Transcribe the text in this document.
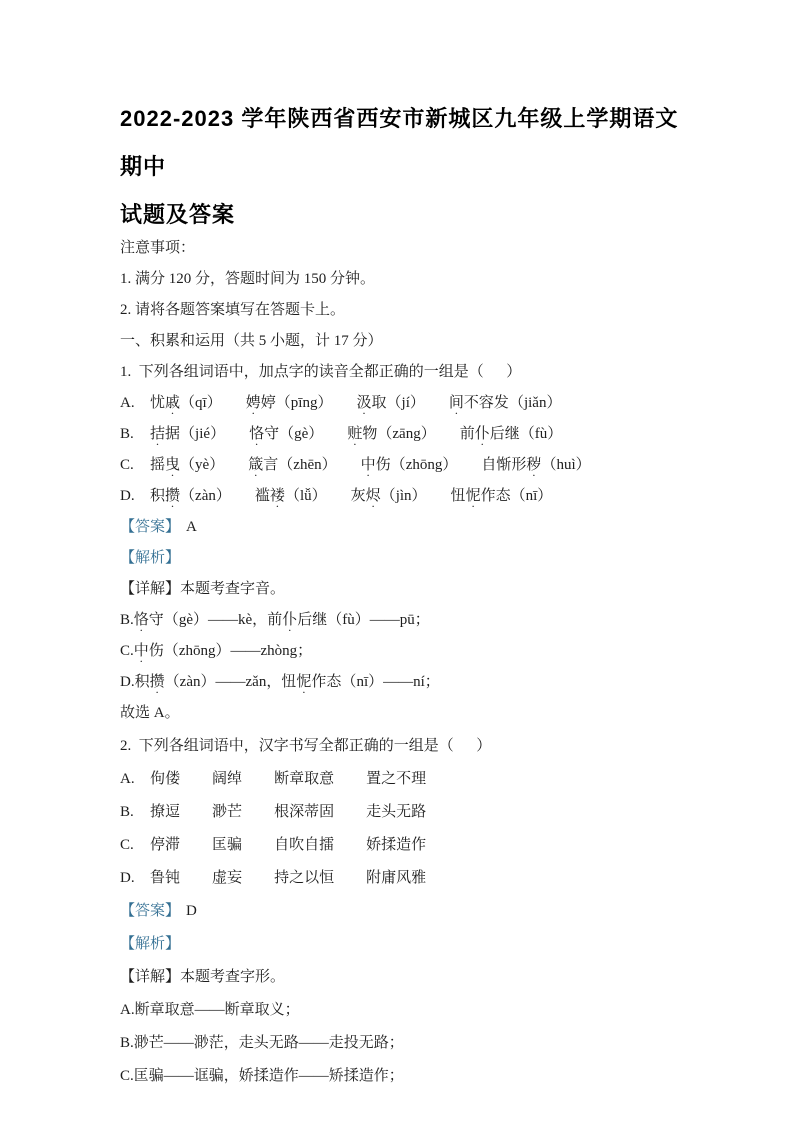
2022-2023 学年陕西省西安市新城区九年级上学期语文期中
试题及答案

注意事项：

1. 满分 120 分，答题时间为 150 分钟。

2. 请将各题答案填写在答题卡上。

一、积累和运用（共 5 小题，计 17 分）

1.  下列各组词语中，加点字的读音全都正确的一组是（      ）

A.	忧戚（qī） 娉婷（pīng） 汲取（jí） 间不容发（jiǎn）
B.	拮据（jié） 恪守（gè） 赃物（zāng） 前仆后继（fù）
C.	摇曳（yè） 箴言（zhēn） 中伤（zhōng） 自惭形秽（huì）
D.	积攒（zàn） 褴褛（lǚ） 灰烬（jìn） 忸怩作态（nī）

【答案】 A

【解析】

【详解】本题考查字音。

B.恪守（gè）——kè，前仆后继（fù）——pū；

C.中伤（zhōng）——zhòng；

D.积攒（zàn）——zǎn，忸怩作态（nī）——ní；

故选 A。

2.  下列各组词语中，汉字书写全都正确的一组是（      ）

A.	佝偻 阔绰 断章取意 置之不理
B.	撩逗 渺芒 根深蒂固 走头无路
C.	停滞 匡骗 自吹自擂 娇揉造作
D.	鲁钝 虚妄 持之以恒 附庸风雅

【答案】 D

【解析】

【详解】本题考查字形。

A.断章取意——断章取义；

B.渺芒——渺茫，走头无路——走投无路；

C.匡骗——诓骗，娇揉造作——矫揉造作；
